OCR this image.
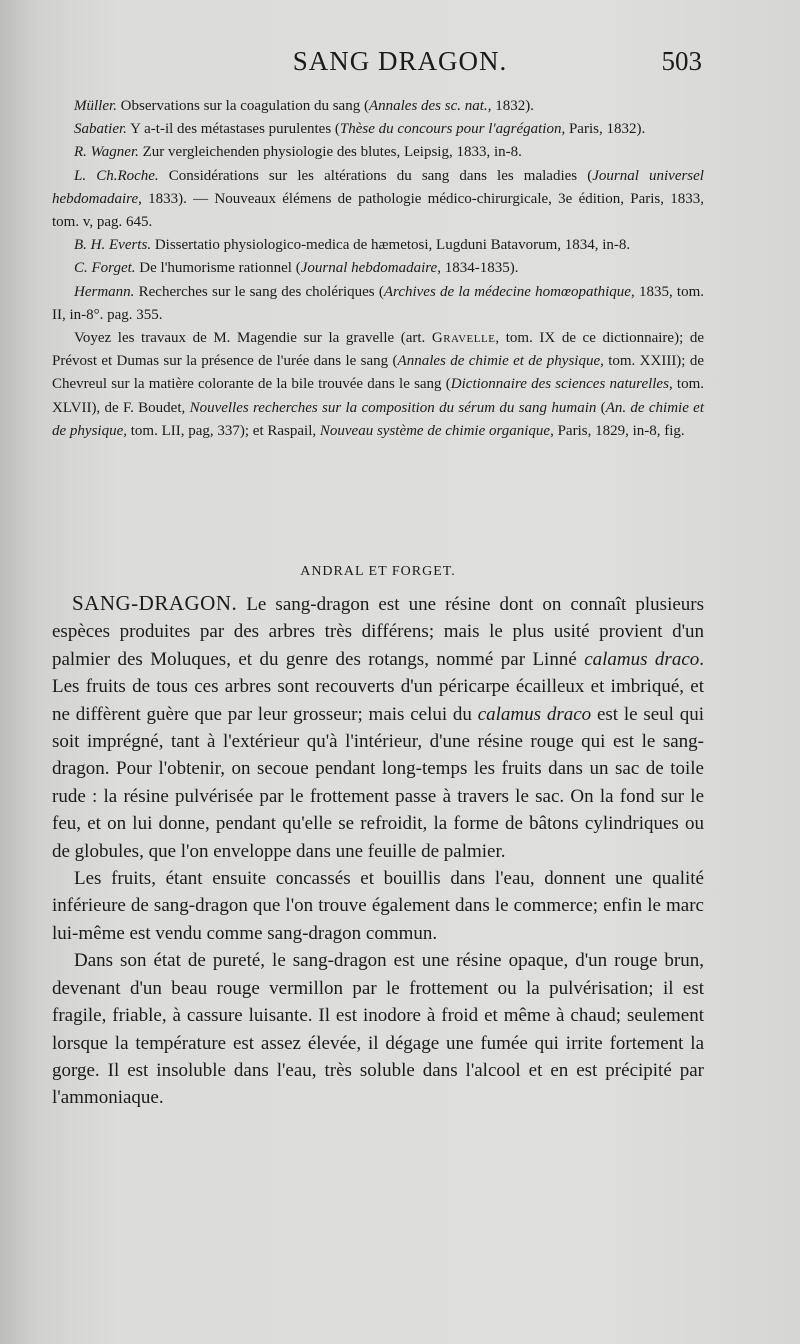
SANG DRAGON.	503

Müller. Observations sur la coagulation du sang (Annales des sc. nat., 1832).

Sabatier. Y a-t-il des métastases purulentes (Thèse du concours pour l'agrégation, Paris, 1832).

R. Wagner. Zur vergleichenden physiologie des blutes, Leipsig, 1833, in-8.

L. Ch.Roche. Considérations sur les altérations du sang dans les maladies (Journal universel hebdomadaire, 1833). — Nouveaux élémens de pathologie médico-chirurgicale, 3e édition, Paris, 1833, tom. v, pag. 645.

B. H. Everts. Dissertatio physiologico-medica de hæmetosi, Lugduni Batavorum, 1834, in-8.

C. Forget. De l'humorisme rationnel (Journal hebdomadaire, 1834-1835).

Hermann. Recherches sur le sang des cholériques (Archives de la médecine homœopathique, 1835, tom. II, in-8°. pag. 355.

Voyez les travaux de M. Magendie sur la gravelle (art. Gravelle, tom. IX de ce dictionnaire); de Prévost et Dumas sur la présence de l'urée dans le sang (Annales de chimie et de physique, tom. XXIII); de Chevreul sur la matière colorante de la bile trouvée dans le sang (Dictionnaire des sciences naturelles, tom. XLVII), de F. Boudet, Nouvelles recherches sur la composition du sérum du sang humain (An. de chimie et de physique, tom. LII, pag, 337); et Raspail, Nouveau système de chimie organique, Paris, 1829, in-8, fig.

ANDRAL ET FORGET.

SANG-DRAGON. Le sang-dragon est une résine dont on connaît plusieurs espèces produites par des arbres très différens; mais le plus usité provient d'un palmier des Moluques, et du genre des rotangs, nommé par Linné calamus draco. Les fruits de tous ces arbres sont recouverts d'un péricarpe écailleux et imbriqué, et ne diffèrent guère que par leur grosseur; mais celui du calamus draco est le seul qui soit imprégné, tant à l'extérieur qu'à l'intérieur, d'une résine rouge qui est le sang-dragon. Pour l'obtenir, on secoue pendant long-temps les fruits dans un sac de toile rude : la résine pulvérisée par le frottement passe à travers le sac. On la fond sur le feu, et on lui donne, pendant qu'elle se refroidit, la forme de bâtons cylindriques ou de globules, que l'on enveloppe dans une feuille de palmier.

Les fruits, étant ensuite concassés et bouillis dans l'eau, donnent une qualité inférieure de sang-dragon que l'on trouve également dans le commerce; enfin le marc lui-même est vendu comme sang-dragon commun.

Dans son état de pureté, le sang-dragon est une résine opaque, d'un rouge brun, devenant d'un beau rouge vermillon par le frottement ou la pulvérisation; il est fragile, friable, à cassure luisante. Il est inodore à froid et même à chaud; seulement lorsque la température est assez élevée, il dégage une fumée qui irrite fortement la gorge. Il est insoluble dans l'eau, très soluble dans l'alcool et en est précipité par l'ammoniaque.
